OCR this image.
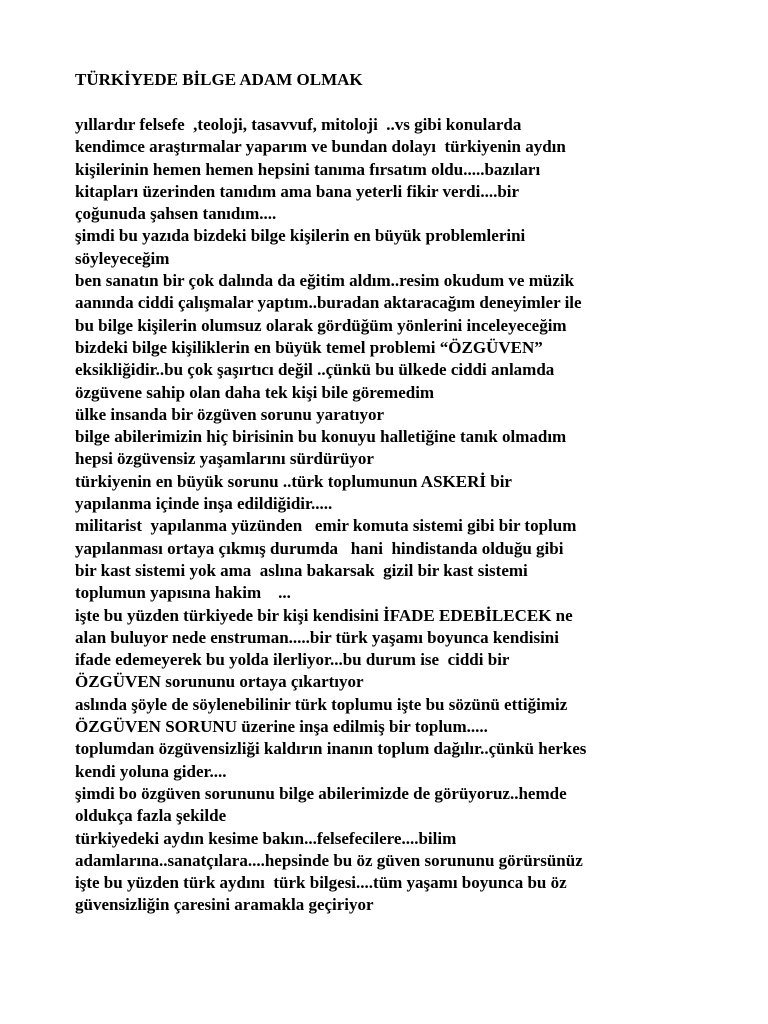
TÜRKİYEDE BİLGE ADAM OLMAK
yıllardır felsefe  ,teoloji, tasavvuf, mitoloji  ..vs gibi konularda
kendimce araştırmalar yaparım ve bundan dolayı  türkiyenin aydın
kişilerinin hemen hemen hepsini tanıma fırsatım oldu.....bazıları
kitapları üzerinden tanıdım ama bana yeterli fikir verdi....bir
çoğunuda şahsen tanıdım....
şimdi bu yazıda bizdeki bilge kişilerin en büyük problemlerini
söyleyeceğim
ben sanatın bir çok dalında da eğitim aldım..resim okudum ve müzik
aanında ciddi çalışmalar yaptım..buradan aktaracağım deneyimler ile
bu bilge kişilerin olumsuz olarak gördüğüm yönlerini inceleyeceğim
bizdeki bilge kişiliklerin en büyük temel problemi “ÖZGÜVEN”
eksikliğidir..bu çok şaşırtıcı değil ..çünkü bu ülkede ciddi anlamda
özgüvene sahip olan daha tek kişi bile göremedim
ülke insanda bir özgüven sorunu yaratıyor
bilge abilerimizin hiç birisinin bu konuyu halletiğine tanık olmadım
hepsi özgüvensiz yaşamlarını sürdürüyor
türkiyenin en büyük sorunu ..türk toplumunun ASKERİ bir
yapılanma içinde inşa edildiğidir.....
militarist  yapılanma yüzünden   emir komuta sistemi gibi bir toplum
yapılanması ortaya çıkmış durumda   hani  hindistanda olduğu gibi
bir kast sistemi yok ama  aslına bakarsak  gizil bir kast sistemi
toplumun yapısına hakim    ...
işte bu yüzden türkiyede bir kişi kendisini İFADE EDEBİLECEK ne
alan buluyor nede enstruman.....bir türk yaşamı boyunca kendisini
ifade edemeyerek bu yolda ilerliyor...bu durum ise  ciddi bir
ÖZGÜVEN sorununu ortaya çıkartıyor
aslında şöyle de söylenebilinir türk toplumu işte bu sözünü ettiğimiz
ÖZGÜVEN SORUNU üzerine inşa edilmiş bir toplum.....
toplumdan özgüvensizliği kaldırın inanın toplum dağılır..çünkü herkes
kendi yoluna gider....
şimdi bo özgüven sorununu bilge abilerimizde de görüyoruz..hemde
oldukça fazla şekilde
türkiyedeki aydın kesime bakın...felsefecilere....bilim
adamlarına..sanatçılara....hepsinde bu öz güven sorununu görürsünüz
işte bu yüzden türk aydını  türk bilgesi....tüm yaşamı boyunca bu öz
güvensizliğin çaresini aramakla geçiriyor
